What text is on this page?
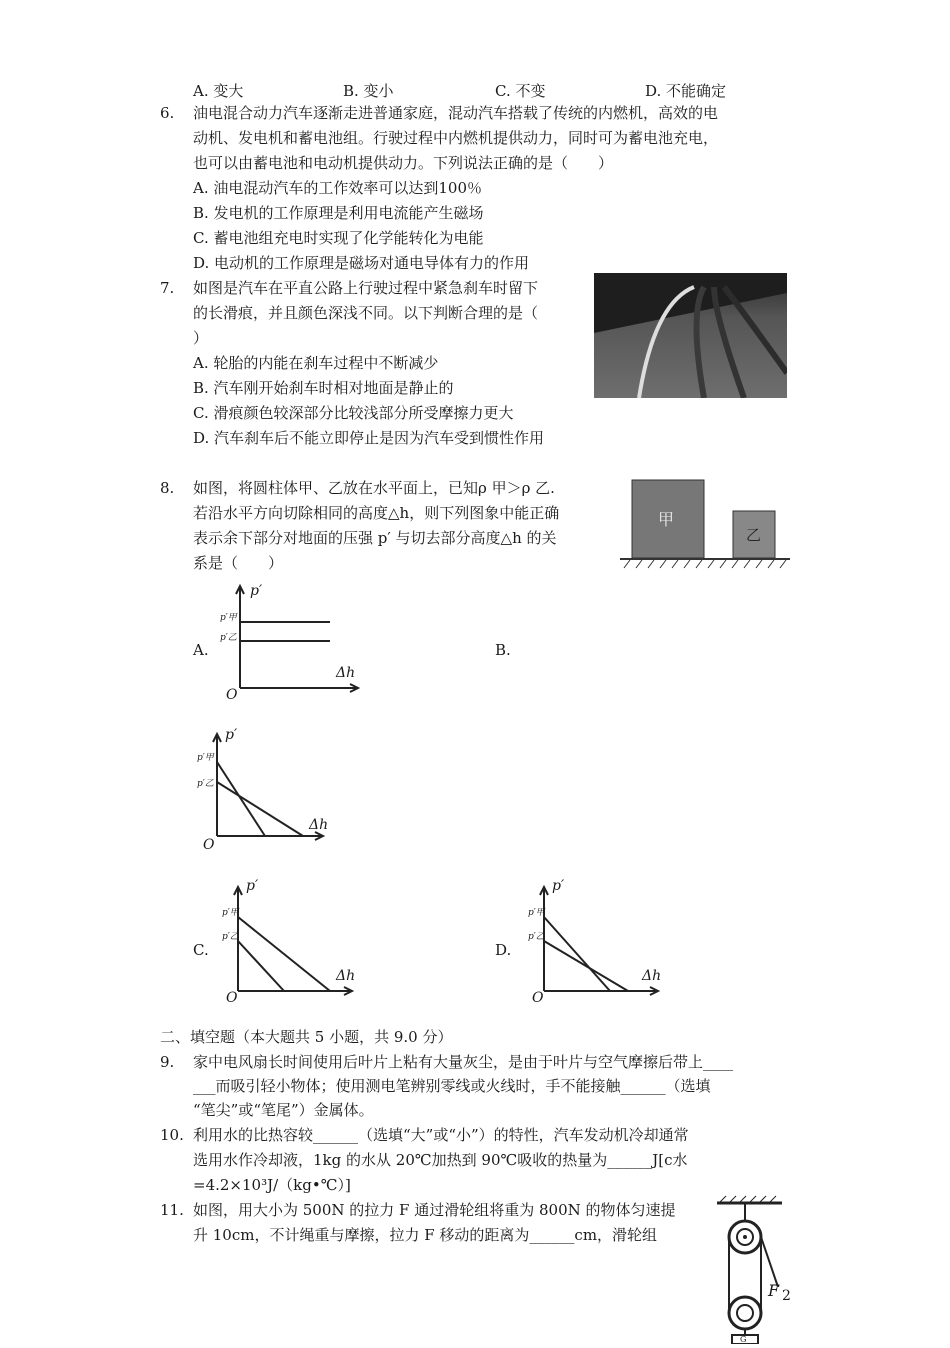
A. 变大	B. 变小	C. 不变	D. 不能确定
6. 油电混合动力汽车逐渐走进普通家庭，混动汽车搭载了传统的内燃机，高效的电
动机、发电机和蓄电池组。行驶过程中内燃机提供动力，同时可为蓄电池充电，
也可以由蓄电池和电动机提供动力。下列说法正确的是（　　）
A. 油电混动汽车的工作效率可以达到100％
B. 发电机的工作原理是利用电流能产生磁场
C. 蓄电池组充电时实现了化学能转化为电能
D. 电动机的工作原理是磁场对通电导体有力的作用
7. 如图是汽车在平直公路上行驶过程中紧急刹车时留下
的长滑痕，并且颜色深浅不同。以下判断合理的是（
）
A. 轮胎的内能在刹车过程中不断减少
B. 汽车刚开始刹车时相对地面是静止的
C. 滑痕颜色较深部分比较浅部分所受摩擦力更大
D. 汽车刹车后不能立即停止是因为汽车受到惯性作用
8. 如图，将圆柱体甲、乙放在水平面上，已知ρ 甲＞ρ 乙.
若沿水平方向切除相同的高度△h，则下列图象中能正确
表示余下部分对地面的压强 p′ 与切去部分高度△h 的关
系是（　　）
甲
乙
A.
p′
p′甲
p′乙
Δh
O
B.
p′
p′甲
p′乙
Δh
O
C.
p′
p′甲
p′乙
Δh
O
D.
p′
p′甲
p′乙
Δh
O
二、填空题（本大题共 5 小题，共 9.0 分）
9. 家中电风扇长时间使用后叶片上粘有大量灰尘，是由于叶片与空气摩擦后带上____
___而吸引轻小物体；使用测电笔辨别零线或火线时，手不能接触______（选填
“笔尖”或“笔尾”）金属体。
10. 利用水的比热容较______（选填“大”或“小”）的特性，汽车发动机冷却通常
选用水作冷却液，1kg 的水从 20℃加热到 90℃吸收的热量为______J[c水
=4.2×10³J/（kg•℃）]
11. 如图，用大小为 500N 的拉力 F 通过滑轮组将重为 800N 的物体匀速提
升 10cm，不计绳重与摩擦，拉力 F 移动的距离为______cm，滑轮组
F 2
G
